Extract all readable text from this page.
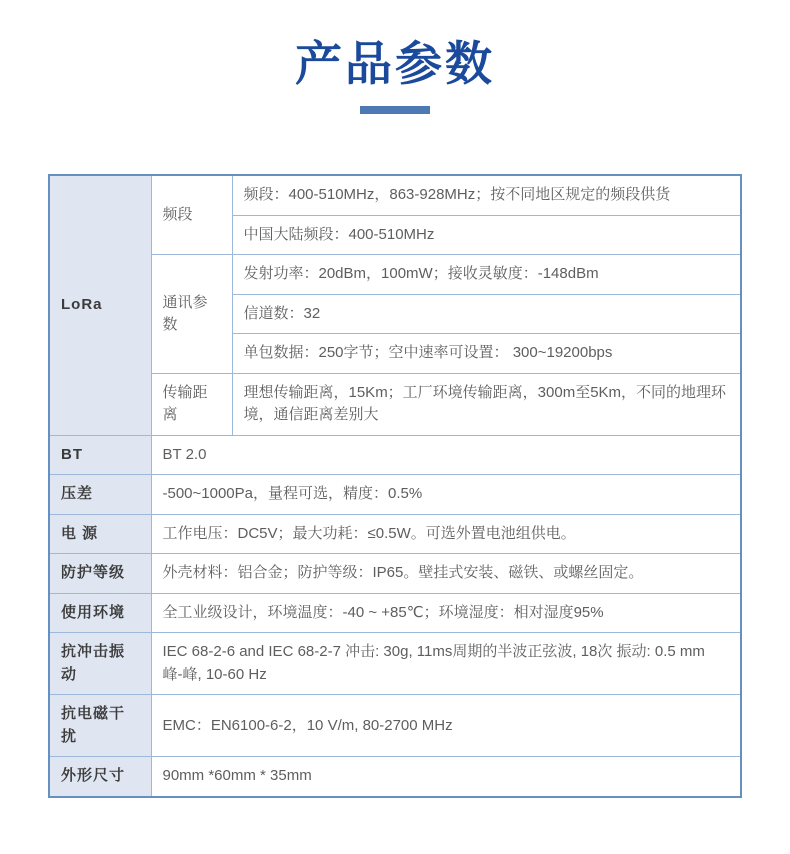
产品参数
LoRa	频段	频段：400-510MHz，863-928MHz；按不同地区规定的频段供货
		中国大陆频段：400-510MHz
	通讯参数	发射功率：20dBm，100mW；接收灵敏度：-148dBm
		信道数：32
		单包数据：250字节；空中速率可设置： 300~19200bps
	传输距离	理想传输距离，15Km；工厂环境传输距离，300m至5Km，不同的地理环境，通信距离差别大
BT	BT 2.0	
压差	-500~1000Pa，量程可选，精度：0.5%	
电 源	工作电压：DC5V；最大功耗：≤0.5W。可选外置电池组供电。	
防护等级	外壳材料：铝合金；防护等级：IP65。壁挂式安装、磁铁、或螺丝固定。	
使用环境	全工业级设计，环境温度：-40 ~ +85℃；环境湿度：相对湿度95%	
抗冲击振动	IEC 68-2-6 and IEC 68-2-7 冲击: 30g, 11ms周期的半波正弦波, 18次 振动: 0.5 mm 峰-峰, 10-60 Hz	
抗电磁干扰	EMC：EN6100-6-2，10 V/m, 80-2700 MHz	
外形尺寸	90mm *60mm * 35mm	
